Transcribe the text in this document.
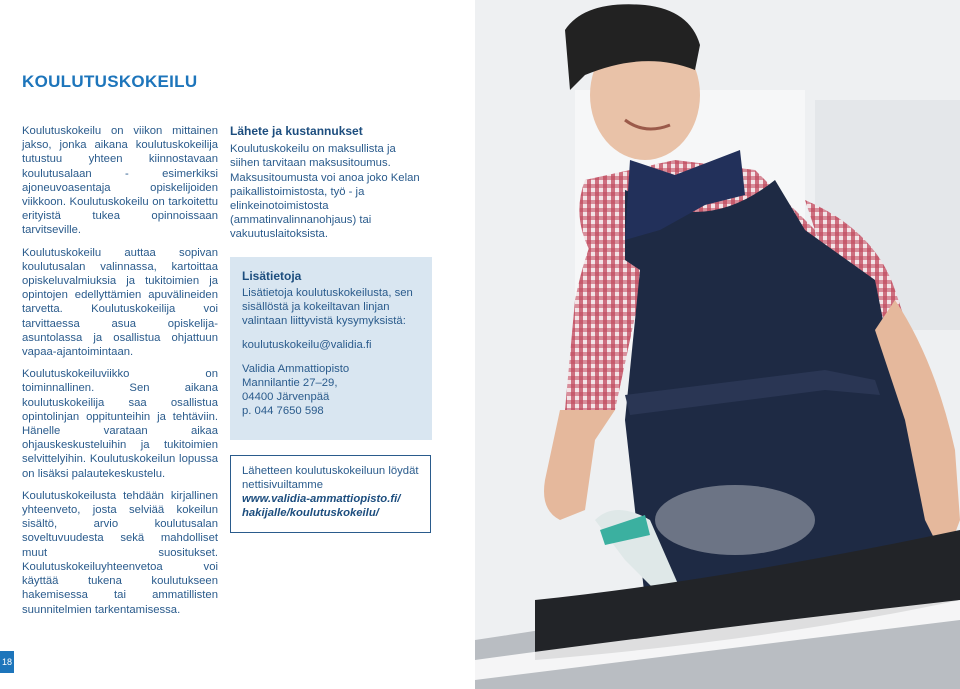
KOULUTUSKOKEILU

Koulutuskokeilu on viikon mittainen jakso, jonka aikana koulutuskokeilija tutustuu yhteen kiinnostavaan koulutusalaan - esimerkiksi ajoneuvoasentaja opiskelijoiden viikkoon. Koulutuskokeilu on tarkoitettu erityistä tukea opinnoissaan tarvitseville.

Koulutuskokeilu auttaa sopivan koulutusalan valinnassa, kartoittaa opiskeluvalmiuksia ja tukitoimien ja opintojen edellyttämien apuvälineiden tarvetta. Koulutuskokeilija voi tarvittaessa asua opiskelija-asuntolassa ja osallistua ohjattuun vapaa-ajantoimintaan.

Koulutuskokeiluviikko on toiminnallinen. Sen aikana koulutuskokeilija saa osallistua opintolinjan oppitunteihin ja tehtäviin. Hänelle varataan aikaa ohjauskeskusteluihin ja tukitoimien selvittelyihin. Koulutuskokeilun lopussa on lisäksi palautekeskustelu.

Koulutuskokeilusta tehdään kirjallinen yhteenveto, josta selviää kokeilun sisältö, arvio koulutusalan soveltuvuudesta sekä mahdolliset muut suositukset. Koulutuskokeiluyhteenvetoa voi käyttää tukena koulutukseen hakemisessa tai ammatillisten suunnitelmien tarkentamisessa.

Lähete ja kustannukset

Koulutuskokeilu on maksullista ja siihen tarvitaan maksusitoumus. Maksusitoumusta voi anoa joko Kelan paikallistoimistosta, työ - ja elinkeinotoimistosta (ammatinvalinnanohjaus) tai vakuutuslaitoksista.

Lisätietoja

Lisätietoja koulutuskokeilusta, sen sisällöstä ja kokeiltavan linjan valintaan liittyvistä kysymyksistä:

koulutuskokeilu@validia.fi

Validia Ammattiopisto

Mannilantie 27–29,

04400 Järvenpää

p. 044 7650 598

Lähetteen koulutuskokeiluun löydät nettisivuiltamme

www.validia-ammattiopisto.fi/
hakijalle/koulutuskokeilu/

18
